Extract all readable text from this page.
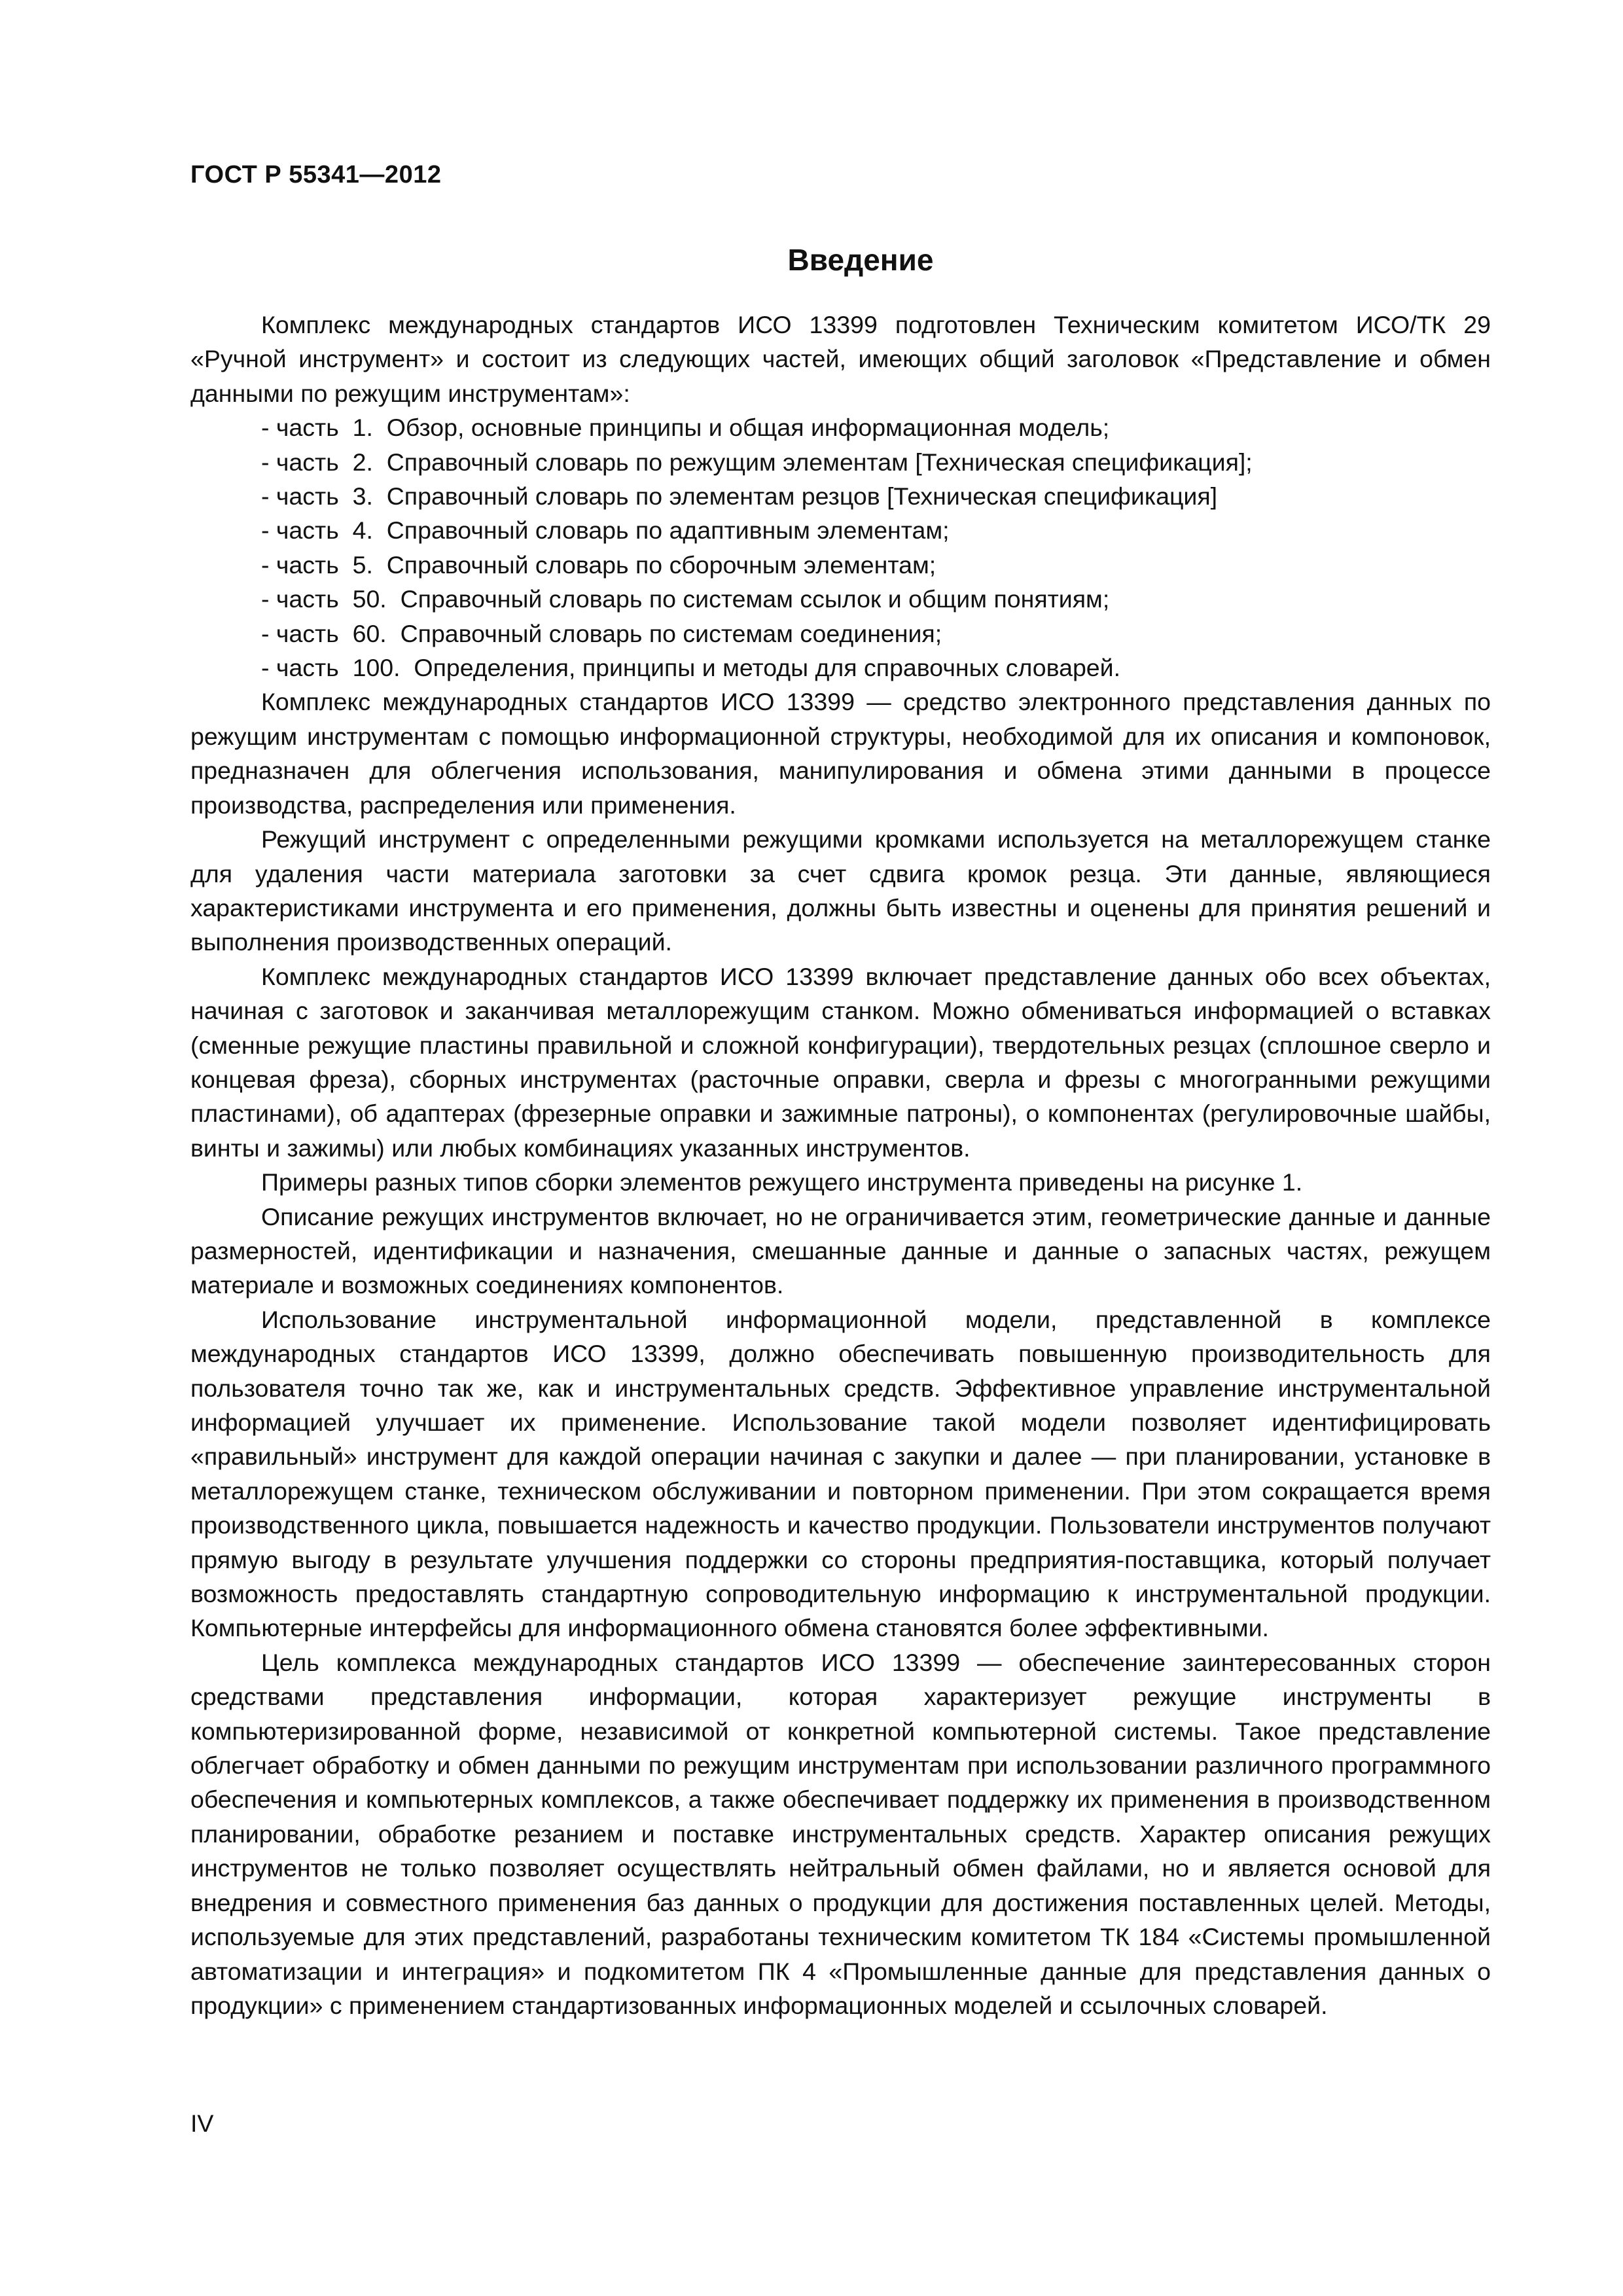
ГОСТ Р 55341—2012
Введение

Комплекс международных стандартов ИСО 13399 подготовлен Техническим комитетом ИСО/ТК 29 «Ручной инструмент» и состоит из следующих частей, имеющих общий заголовок «Представление и обмен данными по режущим инструментам»:

- часть  1.  Обзор, основные принципы и общая информационная модель;
- часть  2.  Справочный словарь по режущим элементам [Техническая спецификация];
- часть  3.  Справочный словарь по элементам резцов [Техническая спецификация]
- часть  4.  Справочный словарь по адаптивным элементам;
- часть  5.  Справочный словарь по сборочным элементам;
- часть  50.  Справочный словарь по системам ссылок и общим понятиям;
- часть  60.  Справочный словарь по системам соединения;
- часть  100.  Определения, принципы и методы для справочных словарей.

Комплекс международных стандартов ИСО 13399 — средство электронного представления данных по режущим инструментам с помощью информационной структуры, необходимой для их описания и компоновок, предназначен для облегчения использования, манипулирования и обмена этими данными в процессе производства, распределения или применения.

Режущий инструмент с определенными режущими кромками используется на металлорежущем станке для удаления части материала заготовки за счет сдвига кромок резца. Эти данные, являющиеся характеристиками инструмента и его применения, должны быть известны и оценены для принятия решений и выполнения производственных операций.

Комплекс международных стандартов ИСО 13399 включает представление данных обо всех объектах, начиная с заготовок и заканчивая металлорежущим станком. Можно обмениваться информацией о вставках (сменные режущие пластины правильной и сложной конфигурации), твердотельных резцах (сплошное сверло и концевая фреза), сборных инструментах (расточные оправки, сверла и фрезы с многогранными режущими пластинами), об адаптерах (фрезерные оправки и зажимные патроны), о компонентах (регулировочные шайбы, винты и зажимы) или любых комбинациях указанных инструментов.

Примеры разных типов сборки элементов режущего инструмента приведены на рисунке 1.

Описание режущих инструментов включает, но не ограничивается этим, геометрические данные и данные размерностей, идентификации и назначения, смешанные данные и данные о запасных частях, режущем материале и возможных соединениях компонентов.

Использование инструментальной информационной модели, представленной в комплексе международных стандартов ИСО 13399, должно обеспечивать повышенную производительность для пользователя точно так же, как и инструментальных средств. Эффективное управление инструментальной информацией улучшает их применение. Использование такой модели позволяет идентифицировать «правильный» инструмент для каждой операции начиная с закупки и далее — при планировании, установке в металлорежущем станке, техническом обслуживании и повторном применении. При этом сокращается время производственного цикла, повышается надежность и качество продукции. Пользователи инструментов получают прямую выгоду в результате улучшения поддержки со стороны предприятия-поставщика, который получает возможность предоставлять стандартную сопроводительную информацию к инструментальной продукции. Компьютерные интерфейсы для информационного обмена становятся более эффективными.

Цель комплекса международных стандартов ИСО 13399 — обеспечение заинтересованных сторон средствами представления информации, которая характеризует режущие инструменты в компьютеризированной форме, независимой от конкретной компьютерной системы. Такое представление облегчает обработку и обмен данными по режущим инструментам при использовании различного программного обеспечения и компьютерных комплексов, а также обеспечивает поддержку их применения в производственном планировании, обработке резанием и поставке инструментальных средств. Характер описания режущих инструментов не только позволяет осуществлять нейтральный обмен файлами, но и является основой для внедрения и совместного применения баз данных о продукции для достижения поставленных целей. Методы, используемые для этих представлений, разработаны техническим комитетом ТК 184 «Системы промышленной автоматизации и интеграция» и подкомитетом ПК 4 «Промышленные данные для представления данных о продукции» с применением стандартизованных информационных моделей и ссылочных словарей.

IV
